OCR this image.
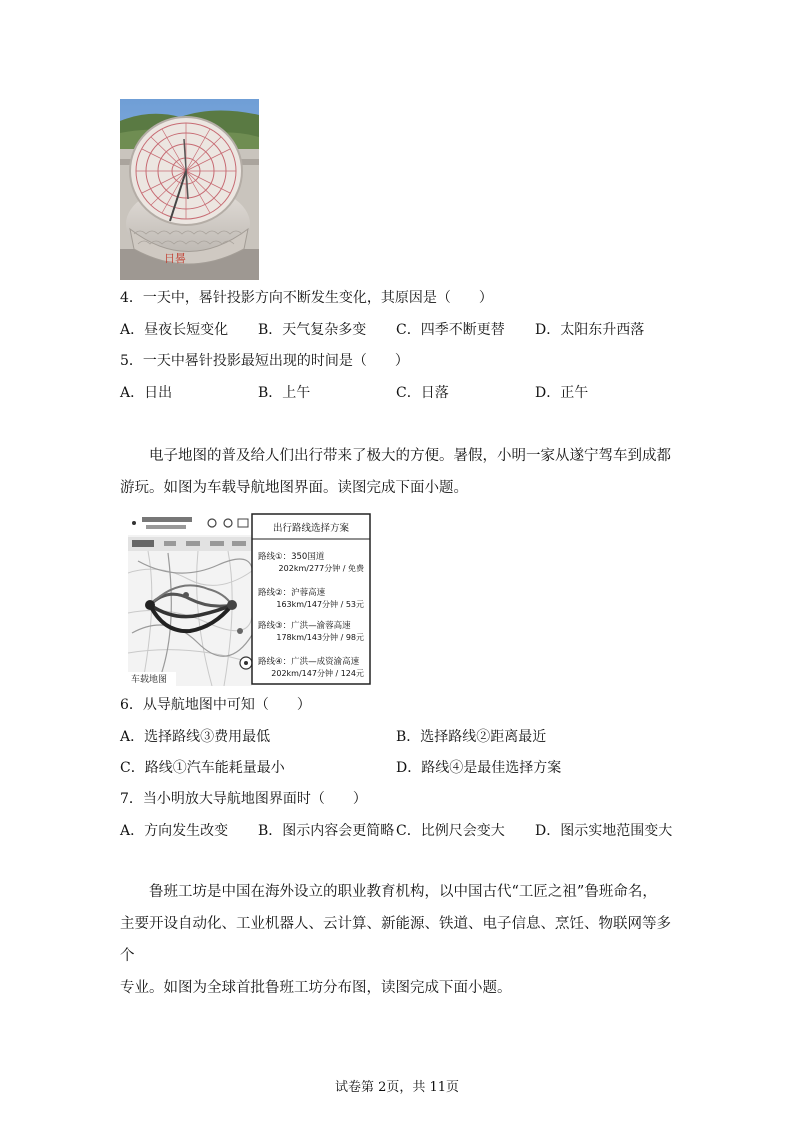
日晷
4．一天中，晷针投影方向不断发生变化，其原因是（　　）
A．昼夜长短变化 B．天气复杂多变 C．四季不断更替 D．太阳东升西落
5．一天中晷针投影最短出现的时间是（　　）
A．日出	B．上午	C．日落	D．正午

电子地图的普及给人们出行带来了极大的方便。暑假，小明一家从遂宁驾车到成都

游玩。如图为车载导航地图界面。读图完成下面小题。

车载地图
出行路线选择方案
路线①：350国道
202km/277分钟 / 免费
路线②：沪蓉高速
163km/147分钟 / 53元
路线③：广洪—渝蓉高速
178km/143分钟 / 98元
路线④：广洪—成资渝高速
202km/147分钟 / 124元
6．从导航地图中可知（　　）
A．选择路线③费用最低	B．选择路线②距离最近
C．路线①汽车能耗量最小	D．路线④是最佳选择方案
7．当小明放大导航地图界面时（　　）
A．方向发生改变 B．图示内容会更简略 C．比例尺会变大 D．图示实地范围变大

鲁班工坊是中国在海外设立的职业教育机构，以中国古代“工匠之祖”鲁班命名，

主要开设自动化、工业机器人、云计算、新能源、铁道、电子信息、烹饪、物联网等多个

专业。如图为全球首批鲁班工坊分布图，读图完成下面小题。

试卷第 2页，共 11页
